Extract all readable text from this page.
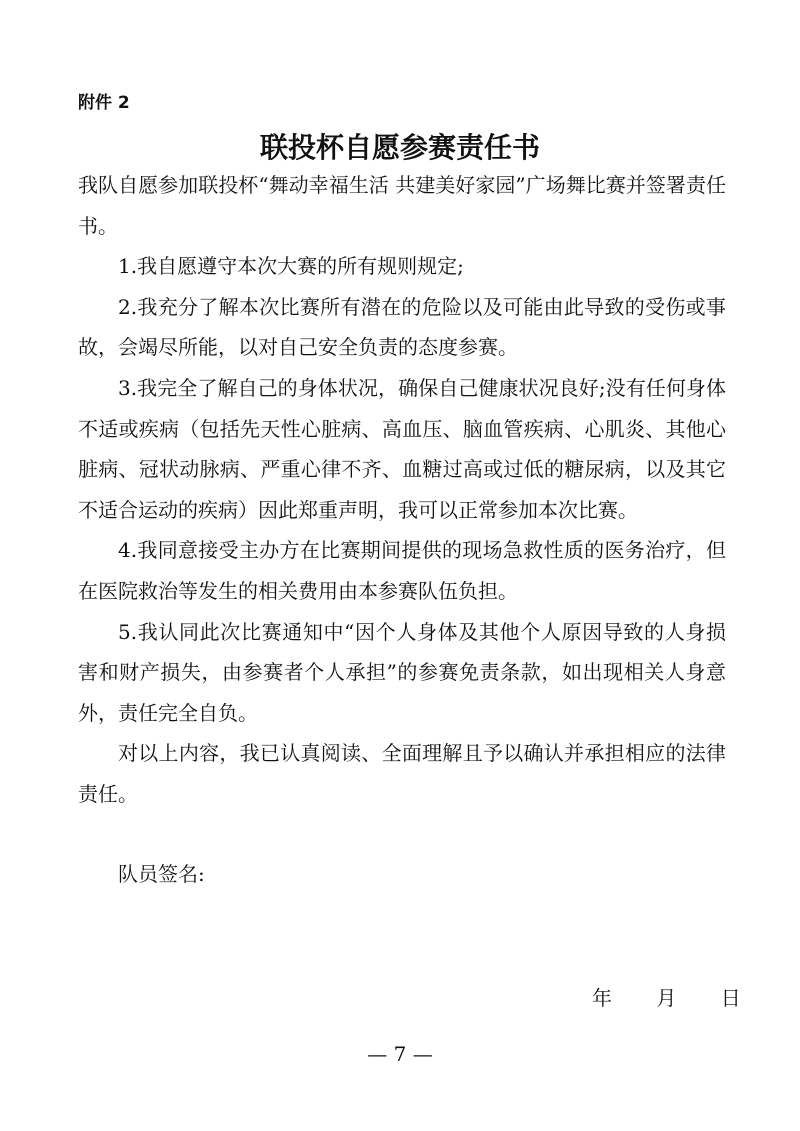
附件 2
联投杯自愿参赛责任书

我队自愿参加联投杯“舞动幸福生活 共建美好家园”广场舞比赛并签署责任书。

1.我自愿遵守本次大赛的所有规则规定;

2.我充分了解本次比赛所有潜在的危险以及可能由此导致的受伤或事故，会竭尽所能，以对自己安全负责的态度参赛。

3.我完全了解自己的身体状况，确保自己健康状况良好;没有任何身体不适或疾病（包括先天性心脏病、高血压、脑血管疾病、心肌炎、其他心脏病、冠状动脉病、严重心律不齐、血糖过高或过低的糖尿病，以及其它不适合运动的疾病）因此郑重声明，我可以正常参加本次比赛。

4.我同意接受主办方在比赛期间提供的现场急救性质的医务治疗，但在医院救治等发生的相关费用由本参赛队伍负担。

5.我认同此次比赛通知中“因个人身体及其他个人原因导致的人身损害和财产损失，由参赛者个人承担”的参赛免责条款，如出现相关人身意外，责任完全自负。

对以上内容，我已认真阅读、全面理解且予以确认并承担相应的法律责任。

队员签名:
年 月 日
— 7 —
